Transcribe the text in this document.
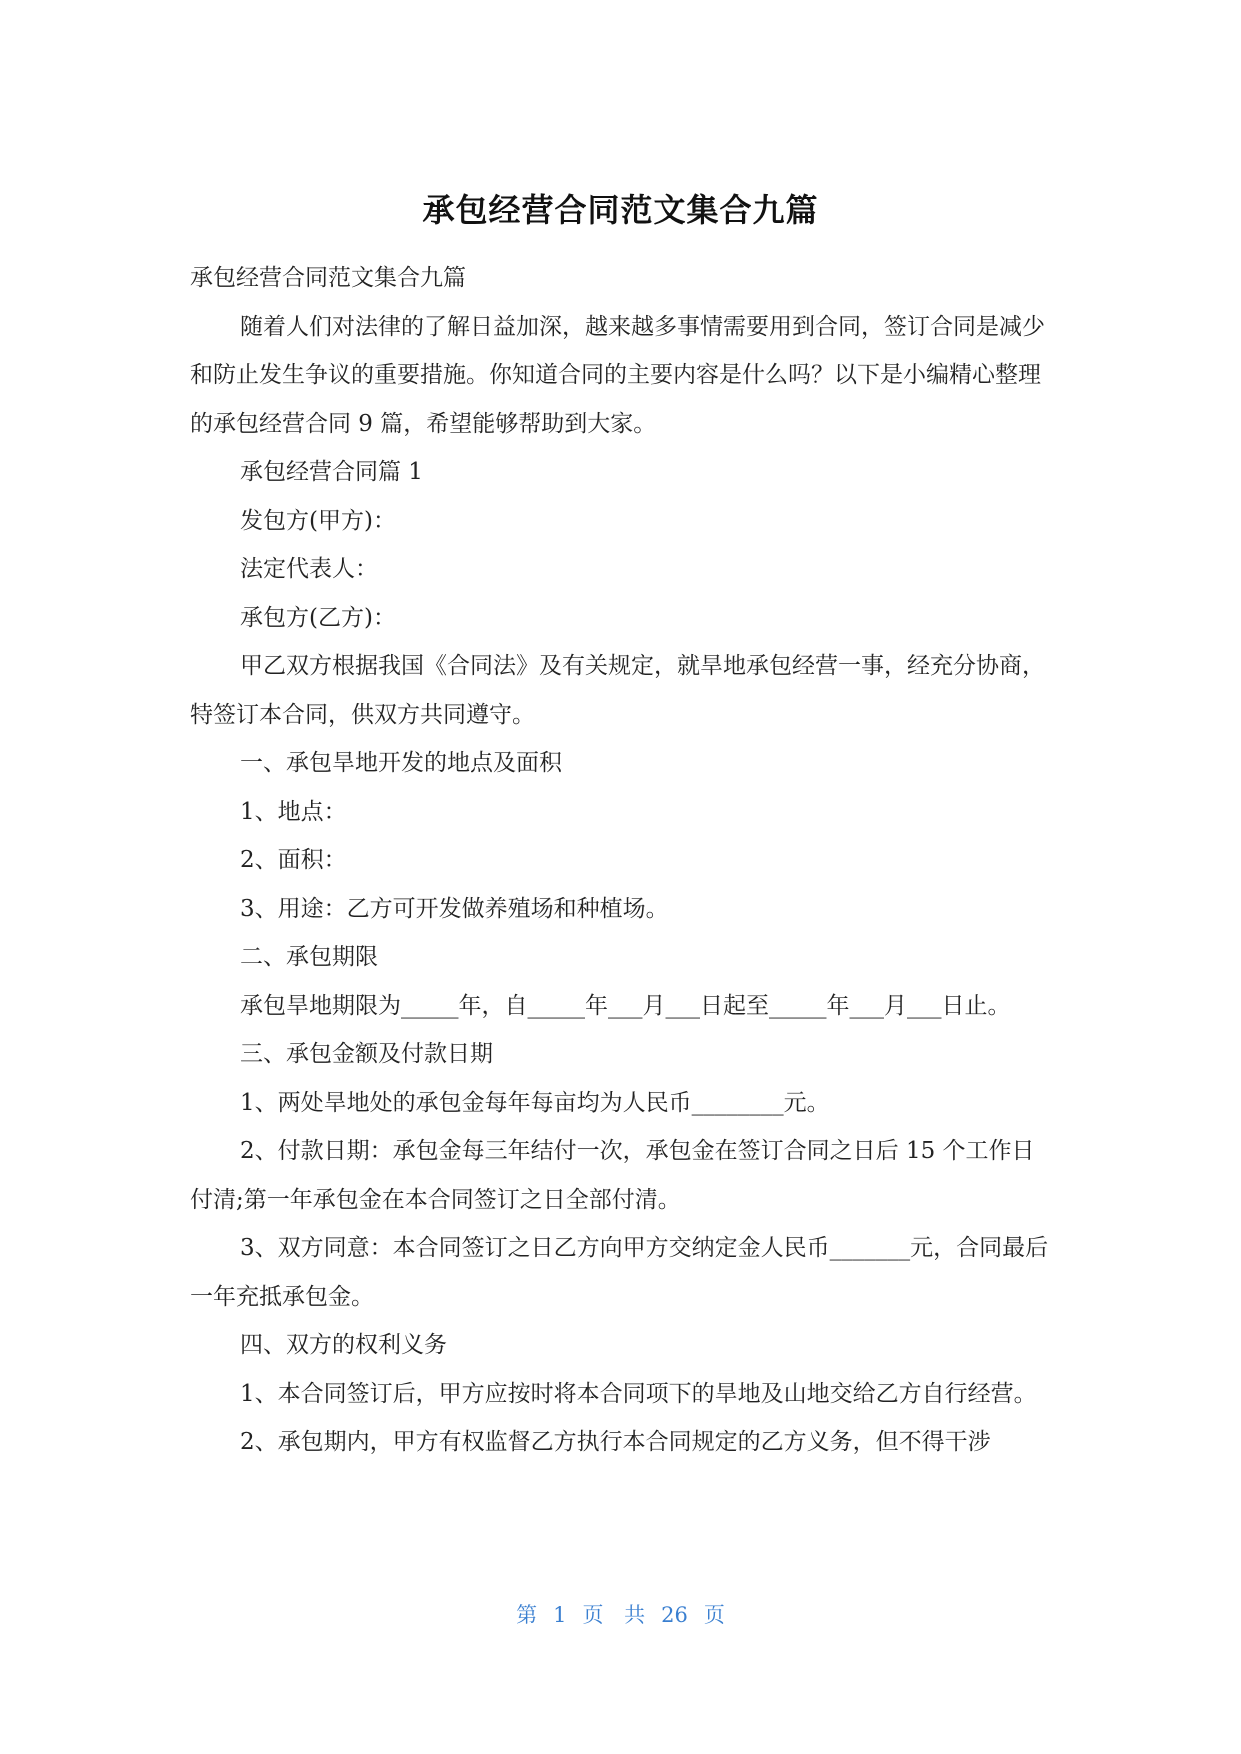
承包经营合同范文集合九篇

承包经营合同范文集合九篇

随着人们对法律的了解日益加深，越来越多事情需要用到合同，签订合同是减少和防止发生争议的重要措施。你知道合同的主要内容是什么吗？以下是小编精心整理的承包经营合同 9 篇，希望能够帮助到大家。

承包经营合同篇 1

发包方(甲方)：

法定代表人：

承包方(乙方)：

甲乙双方根据我国《合同法》及有关规定，就旱地承包经营一事，经充分协商，特签订本合同，供双方共同遵守。

一、承包旱地开发的地点及面积

1、地点：

2、面积：

3、用途：乙方可开发做养殖场和种植场。

二、承包期限

承包旱地期限为_____年，自_____年___月___日起至_____年___月___日止。

三、承包金额及付款日期

1、两处旱地处的承包金每年每亩均为人民币________元。

2、付款日期：承包金每三年结付一次，承包金在签订合同之日后 15 个工作日付清;第一年承包金在本合同签订之日全部付清。

3、双方同意：本合同签订之日乙方向甲方交纳定金人民币_______元，合同最后一年充抵承包金。

四、双方的权利义务

1、本合同签订后，甲方应按时将本合同项下的旱地及山地交给乙方自行经营。

2、承包期内，甲方有权监督乙方执行本合同规定的乙方义务，但不得干涉

第 1 页 共 26 页
